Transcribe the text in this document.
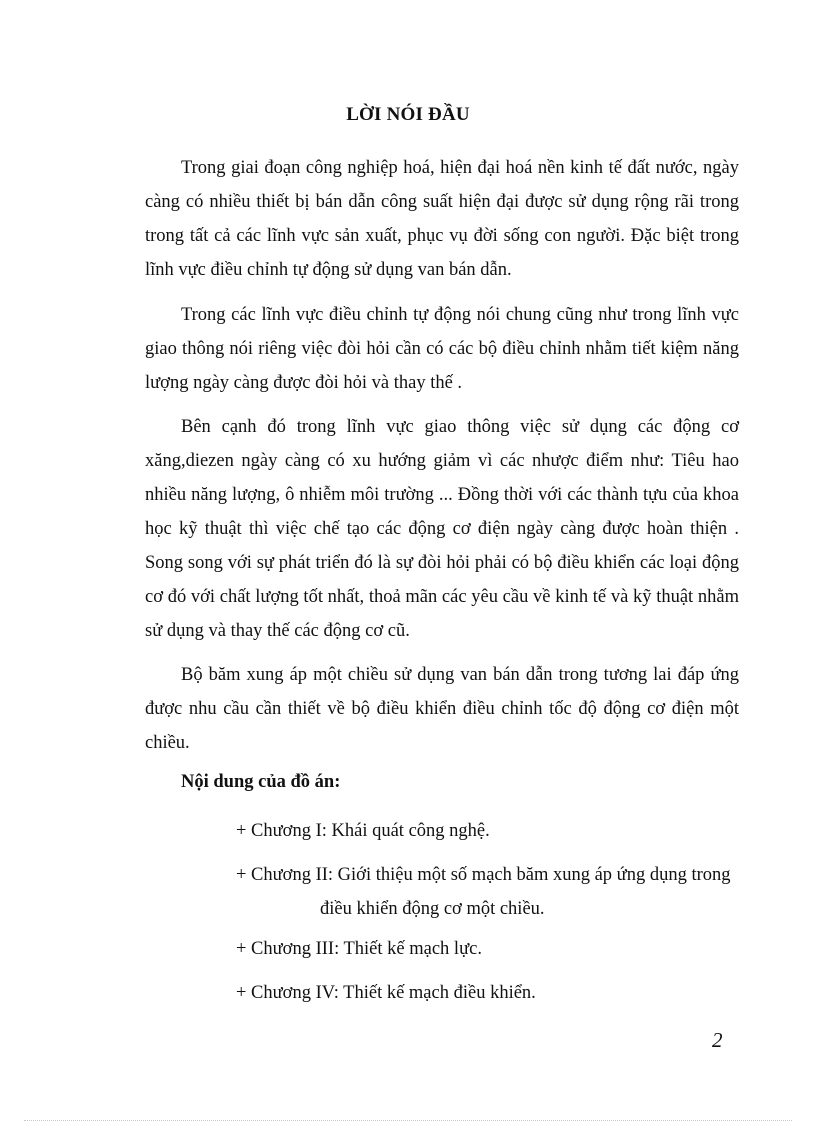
LỜI NÓI ĐẦU

Trong giai đoạn công nghiệp hoá, hiện đại hoá nền kinh tế đất nước, ngày càng có nhiều thiết bị bán dẫn công suất hiện đại được sử dụng rộng rãi trong trong tất cả các lĩnh vực sản xuất, phục vụ đời sống con người. Đặc biệt trong lĩnh vực điều chỉnh tự động sử dụng van bán dẫn.

Trong các lĩnh vực điều chỉnh tự động nói chung cũng như trong lĩnh vực giao thông nói riêng việc đòi hỏi cần có các bộ điều chỉnh nhằm tiết kiệm năng lượng ngày càng được đòi hỏi và thay thế .

Bên cạnh đó trong lĩnh vực giao thông việc sử dụng các động cơ xăng,diezen ngày càng có xu hướng giảm vì các nhược điểm như: Tiêu hao nhiều năng lượng, ô nhiễm môi trường ... Đồng thời với các thành tựu của khoa học kỹ thuật thì việc chế tạo các động cơ điện ngày càng được hoàn thiện . Song song với sự phát triển đó là sự đòi hỏi phải có bộ điều khiển các loại động cơ đó với chất lượng tốt nhất, thoả mãn các yêu cầu về kinh tế và kỹ thuật nhằm sử dụng và thay thế các động cơ cũ.

Bộ băm xung áp một chiều sử dụng van bán dẫn trong tương lai đáp ứng được nhu cầu cần thiết về bộ điều khiển điều chỉnh tốc độ động cơ điện một chiều.

Nội dung của đồ án:
+ Chương I: Khái quát công nghệ.
+ Chương II: Giới thiệu một số mạch băm xung áp ứng dụng trong
điều khiển động cơ một chiều.
+ Chương III: Thiết kế mạch lực.
+ Chương IV: Thiết kế mạch điều khiển.
2
